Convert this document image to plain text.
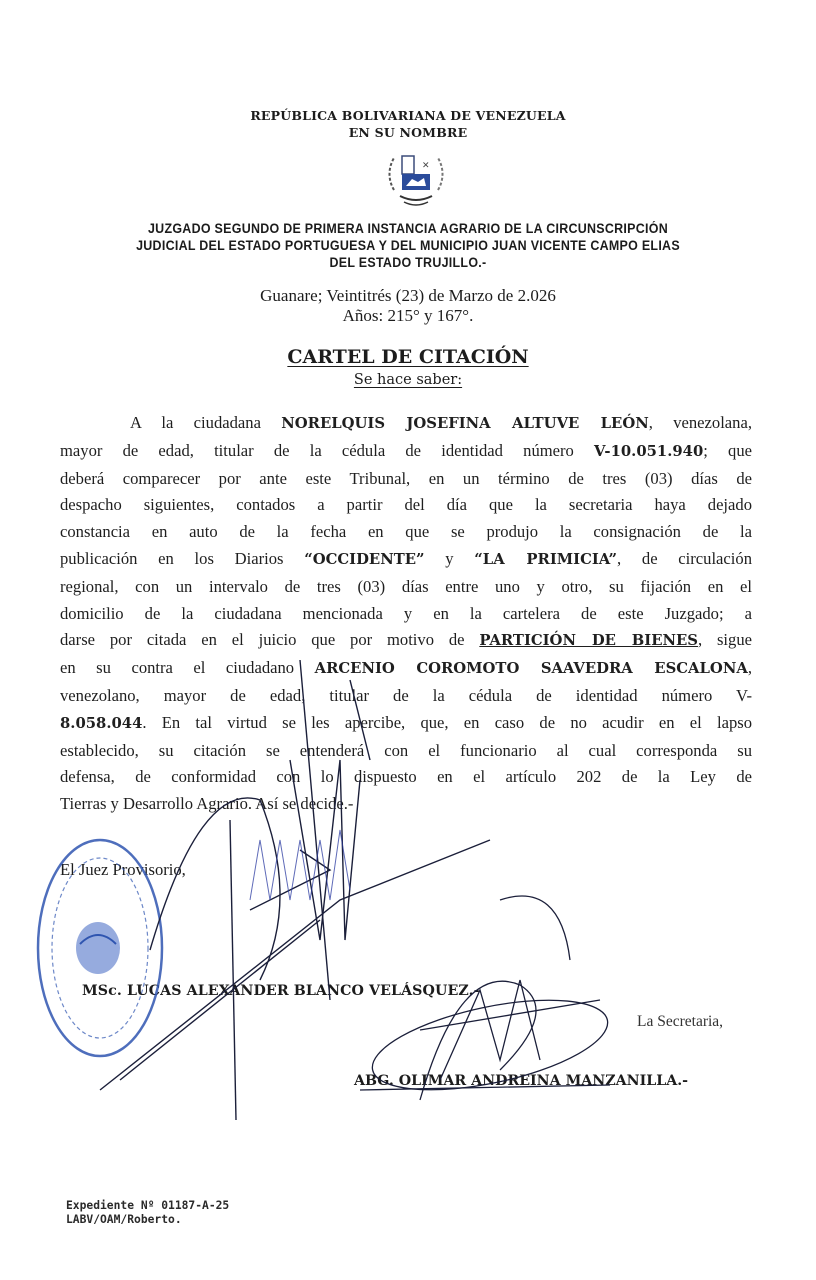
REPÚBLICA BOLIVARIANA DE VENEZUELA
EN SU NOMBRE
✕
JUZGADO SEGUNDO DE PRIMERA INSTANCIA AGRARIO DE LA CIRCUNSCRIPCIÓN
JUDICIAL DEL ESTADO PORTUGUESA Y DEL MUNICIPIO JUAN VICENTE CAMPO ELIAS
DEL ESTADO TRUJILLO.-
Guanare; Veintitrés (23) de Marzo de 2.026
Años: 215° y 167°.
CARTEL DE CITACIÓN
Se hace saber:
A la ciudadana NORELQUIS JOSEFINA ALTUVE LEÓN, venezolana,
mayor de edad, titular de la cédula de identidad número V-10.051.940; que
deberá comparecer por ante este Tribunal, en un término de tres (03) días de
despacho siguientes, contados a partir del día que la secretaria haya dejado
constancia en auto de la fecha en que se produjo la consignación de la
publicación en los Diarios “OCCIDENTE” y “LA PRIMICIA”, de circulación
regional, con un intervalo de tres (03) días entre uno y otro, su fijación en el
domicilio de la ciudadana mencionada y en la cartelera de este Juzgado; a
darse por citada en el juicio que por motivo de PARTICIÓN DE BIENES, sigue
en su contra el ciudadano ARCENIO COROMOTO SAAVEDRA ESCALONA,
venezolano, mayor de edad, titular de la cédula de identidad número V-
8.058.044. En tal virtud se les apercibe, que, en caso de no acudir en el lapso
establecido, su citación se entenderá con el funcionario al cual corresponda su
defensa, de conformidad con lo dispuesto en el artículo 202 de la Ley de
Tierras y Desarrollo Agrario. Así se decide.-
El Juez Provisorio,
MSc. LUCAS ALEXANDER BLANCO VELÁSQUEZ.-
La Secretaria,
ABG. OLIMAR ANDREINA MANZANILLA.-
Expediente Nº 01187-A-25
LABV/OAM/Roberto.
